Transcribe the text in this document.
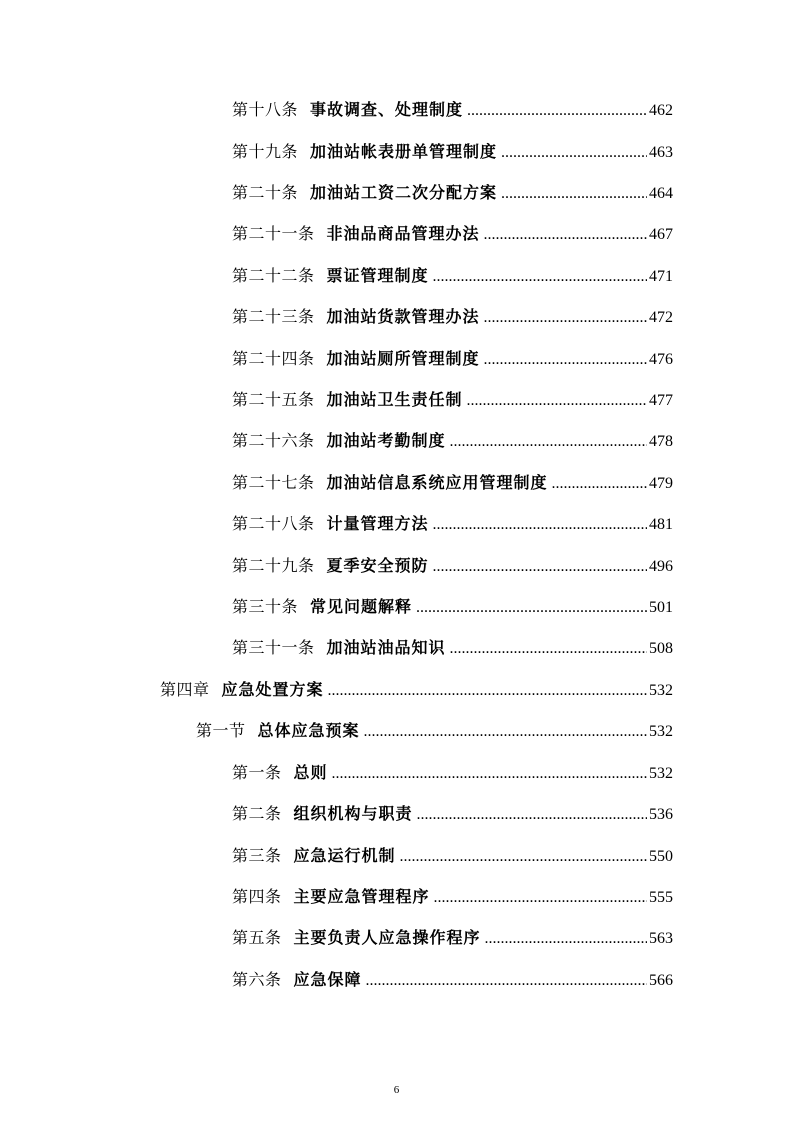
第十八条 事故调查、处理制度 .....	462
第十九条 加油站帐表册单管理制度 .....	463
第二十条 加油站工资二次分配方案 .....	464
第二十一条 非油品商品管理办法 .....	467
第二十二条 票证管理制度 .....	471
第二十三条 加油站货款管理办法 .....	472
第二十四条 加油站厕所管理制度 .....	476
第二十五条 加油站卫生责任制 .....	477
第二十六条 加油站考勤制度 .....	478
第二十七条 加油站信息系统应用管理制度 .....	479
第二十八条 计量管理方法 .....	481
第二十九条 夏季安全预防 .....	496
第三十条 常见问题解释 .....	501
第三十一条 加油站油品知识 .....	508
第四章 应急处置方案 .....	532
第一节 总体应急预案 .....	532
第一条 总则 .....	532
第二条 组织机构与职责 .....	536
第三条 应急运行机制 .....	550
第四条 主要应急管理程序 .....	555
第五条 主要负责人应急操作程序 .....	563
第六条 应急保障 .....	566
6
